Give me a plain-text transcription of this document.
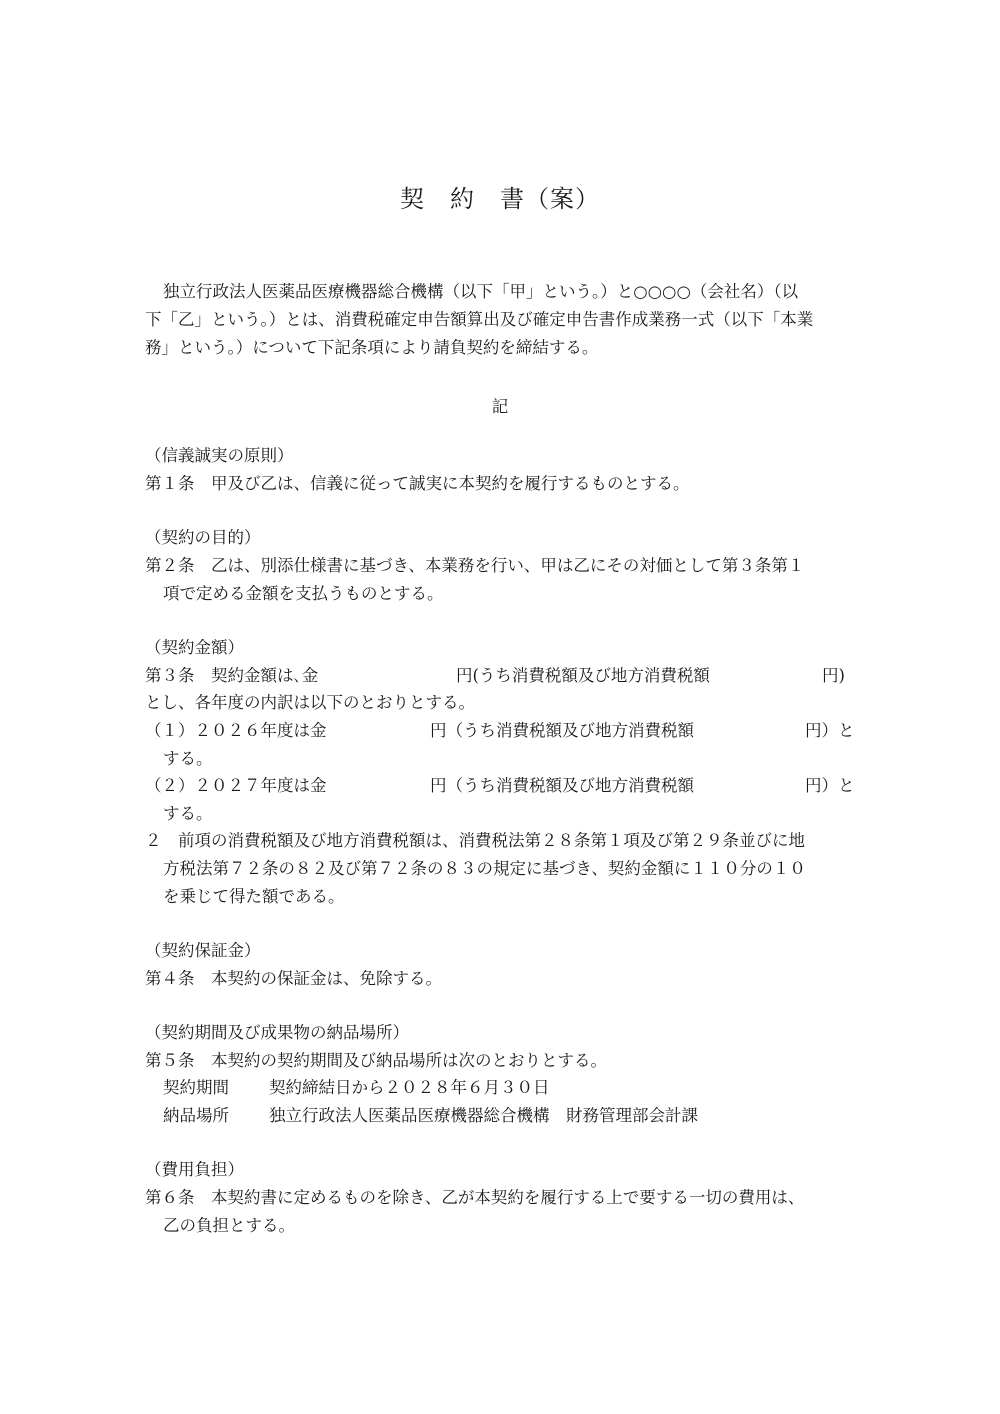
契　約　書（案）
独立行政法人医薬品医療機器総合機構（以下「甲」という。）と○○○○（会社名）（以
下「乙」という。）とは、消費税確定申告額算出及び確定申告書作成業務一式（以下「本業
務」という。）について下記条項により請負契約を締結する。
記
（信義誠実の原則）
第１条　甲及び乙は、信義に従って誠実に本契約を履行するものとする。
（契約の目的）
第２条　乙は、別添仕様書に基づき、本業務を行い、甲は乙にその対価として第３条第１
項で定める金額を支払うものとする。
（契約金額）
第３条　契約金額は､金	円(うち消費税額及び地方消費税額	円)
とし、各年度の内訳は以下のとおりとする。
（１）２０２６年度は金	円（うち消費税額及び地方消費税額	円）と
する。
（２）２０２７年度は金	円（うち消費税額及び地方消費税額	円）と
する。
２　前項の消費税額及び地方消費税額は、消費税法第２８条第１項及び第２９条並びに地
方税法第７２条の８２及び第７２条の８３の規定に基づき、契約金額に１１０分の１０
を乗じて得た額である。
（契約保証金）
第４条　本契約の保証金は、免除する。
（契約期間及び成果物の納品場所）
第５条　本契約の契約期間及び納品場所は次のとおりとする。
契約期間 契約締結日から２０２８年６月３０日
納品場所 独立行政法人医薬品医療機器総合機構　財務管理部会計課
（費用負担）
第６条　本契約書に定めるものを除き、乙が本契約を履行する上で要する一切の費用は、
乙の負担とする。
